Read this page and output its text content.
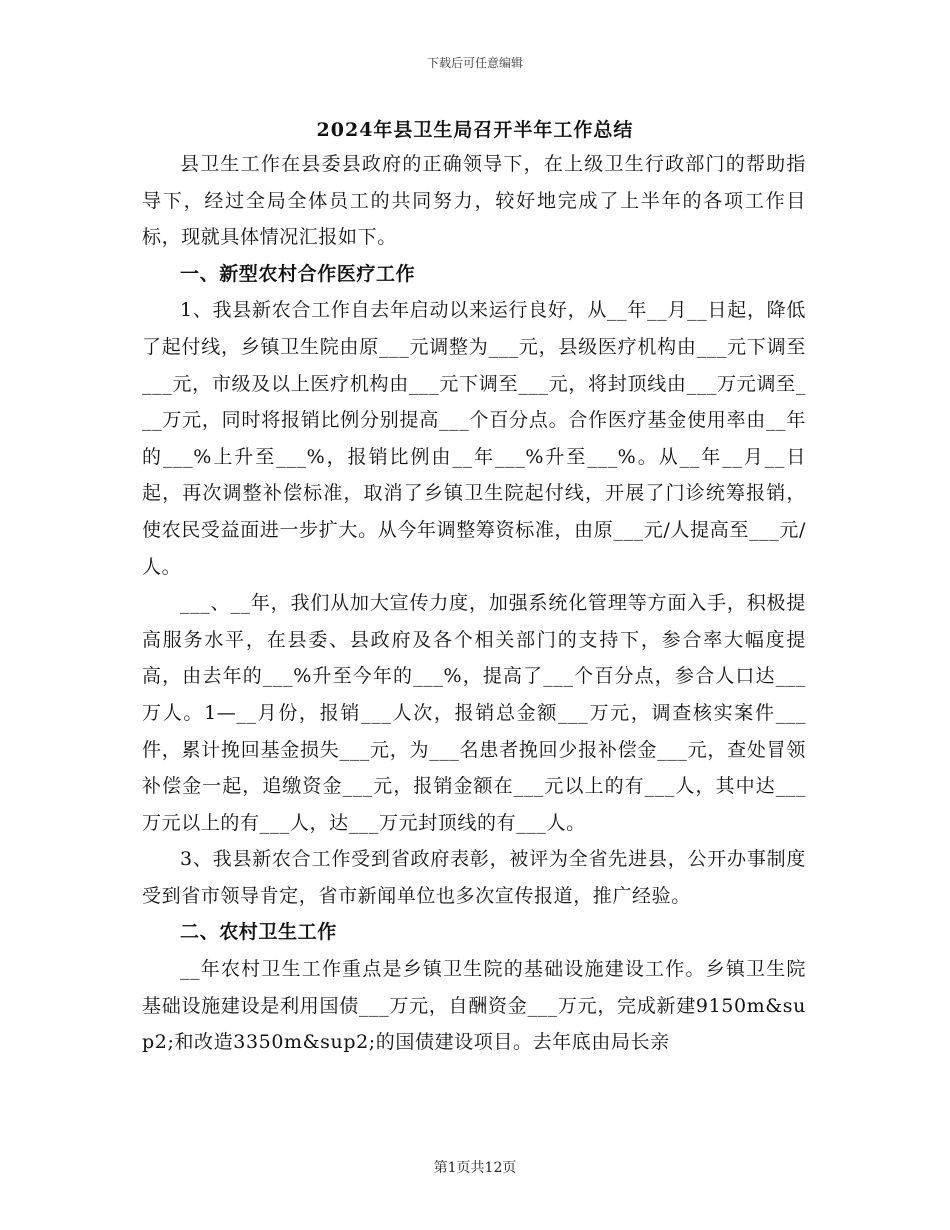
下载后可任意编辑
2024年县卫生局召开半年工作总结

县卫生工作在县委县政府的正确领导下，在上级卫生行政部门的帮助指导下，经过全局全体员工的共同努力，较好地完成了上半年的各项工作目标，现就具体情况汇报如下。

一、新型农村合作医疗工作

1、我县新农合工作自去年启动以来运行良好，从__年__月__日起，降低了起付线，乡镇卫生院由原___元调整为___元，县级医疗机构由___元下调至___元，市级及以上医疗机构由___元下调至___元，将封顶线由___万元调至___万元，同时将报销比例分别提高___个百分点。合作医疗基金使用率由__年的___%上升至___%，报销比例由__年___%升至___%。从__年__月__日起，再次调整补偿标准，取消了乡镇卫生院起付线，开展了门诊统筹报销，使农民受益面进一步扩大。从今年调整筹资标准，由原___元/人提高至___元/人。

___、__年，我们从加大宣传力度，加强系统化管理等方面入手，积极提高服务水平，在县委、县政府及各个相关部门的支持下，参合率大幅度提高，由去年的___%升至今年的___%，提高了___个百分点，参合人口达___万人。1—__月份，报销___人次，报销总金额___万元，调查核实案件___件，累计挽回基金损失___元，为___名患者挽回少报补偿金___元，查处冒领补偿金一起，追缴资金___元，报销金额在___元以上的有___人，其中达___万元以上的有___人，达___万元封顶线的有___人。

3、我县新农合工作受到省政府表彰，被评为全省先进县，公开办事制度受到省市领导肯定，省市新闻单位也多次宣传报道，推广经验。

二、农村卫生工作

__年农村卫生工作重点是乡镇卫生院的基础设施建设工作。乡镇卫生院基础设施建设是利用国债___万元，自酬资金___万元，完成新建9150m&sup2;和改造3350m&sup2;的国债建设项目。去年底由局长亲

第1页共12页
